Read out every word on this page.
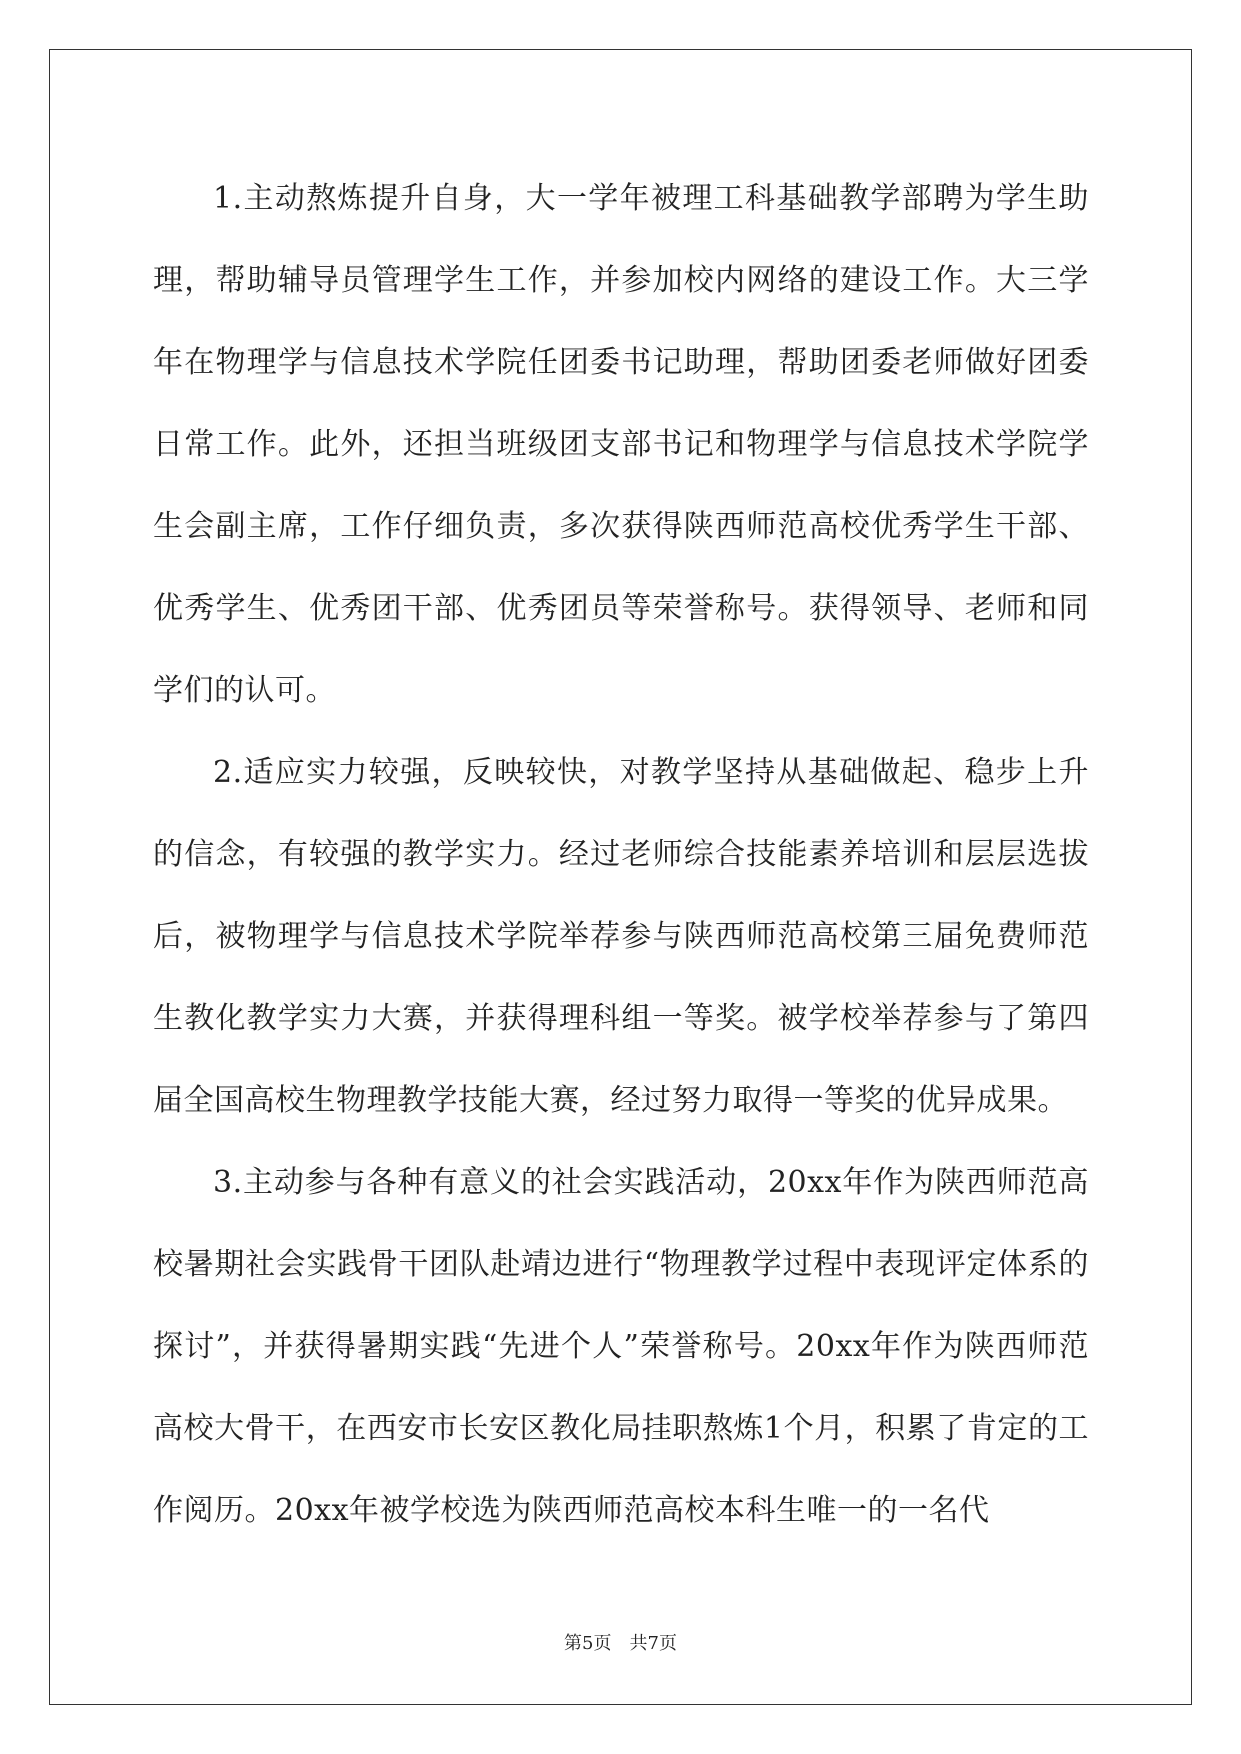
1.主动熬炼提升自身，大一学年被理工科基础教学部聘为学生助理，帮助辅导员管理学生工作，并参加校内网络的建设工作。大三学年在物理学与信息技术学院任团委书记助理，帮助团委老师做好团委日常工作。此外，还担当班级团支部书记和物理学与信息技术学院学生会副主席，工作仔细负责，多次获得陕西师范高校优秀学生干部、优秀学生、优秀团干部、优秀团员等荣誉称号。获得领导、老师和同学们的认可。

2.适应实力较强，反映较快，对教学坚持从基础做起、稳步上升的信念，有较强的教学实力。经过老师综合技能素养培训和层层选拔后，被物理学与信息技术学院举荐参与陕西师范高校第三届免费师范生教化教学实力大赛，并获得理科组一等奖。被学校举荐参与了第四届全国高校生物理教学技能大赛，经过努力取得一等奖的优异成果。

3.主动参与各种有意义的社会实践活动，20xx年作为陕西师范高校暑期社会实践骨干团队赴靖边进行“物理教学过程中表现评定体系的探讨”，并获得暑期实践“先进个人”荣誉称号。20xx年作为陕西师范高校大骨干，在西安市长安区教化局挂职熬炼1个月，积累了肯定的工作阅历。20xx年被学校选为陕西师范高校本科生唯一的一名代

第5页 共7页
